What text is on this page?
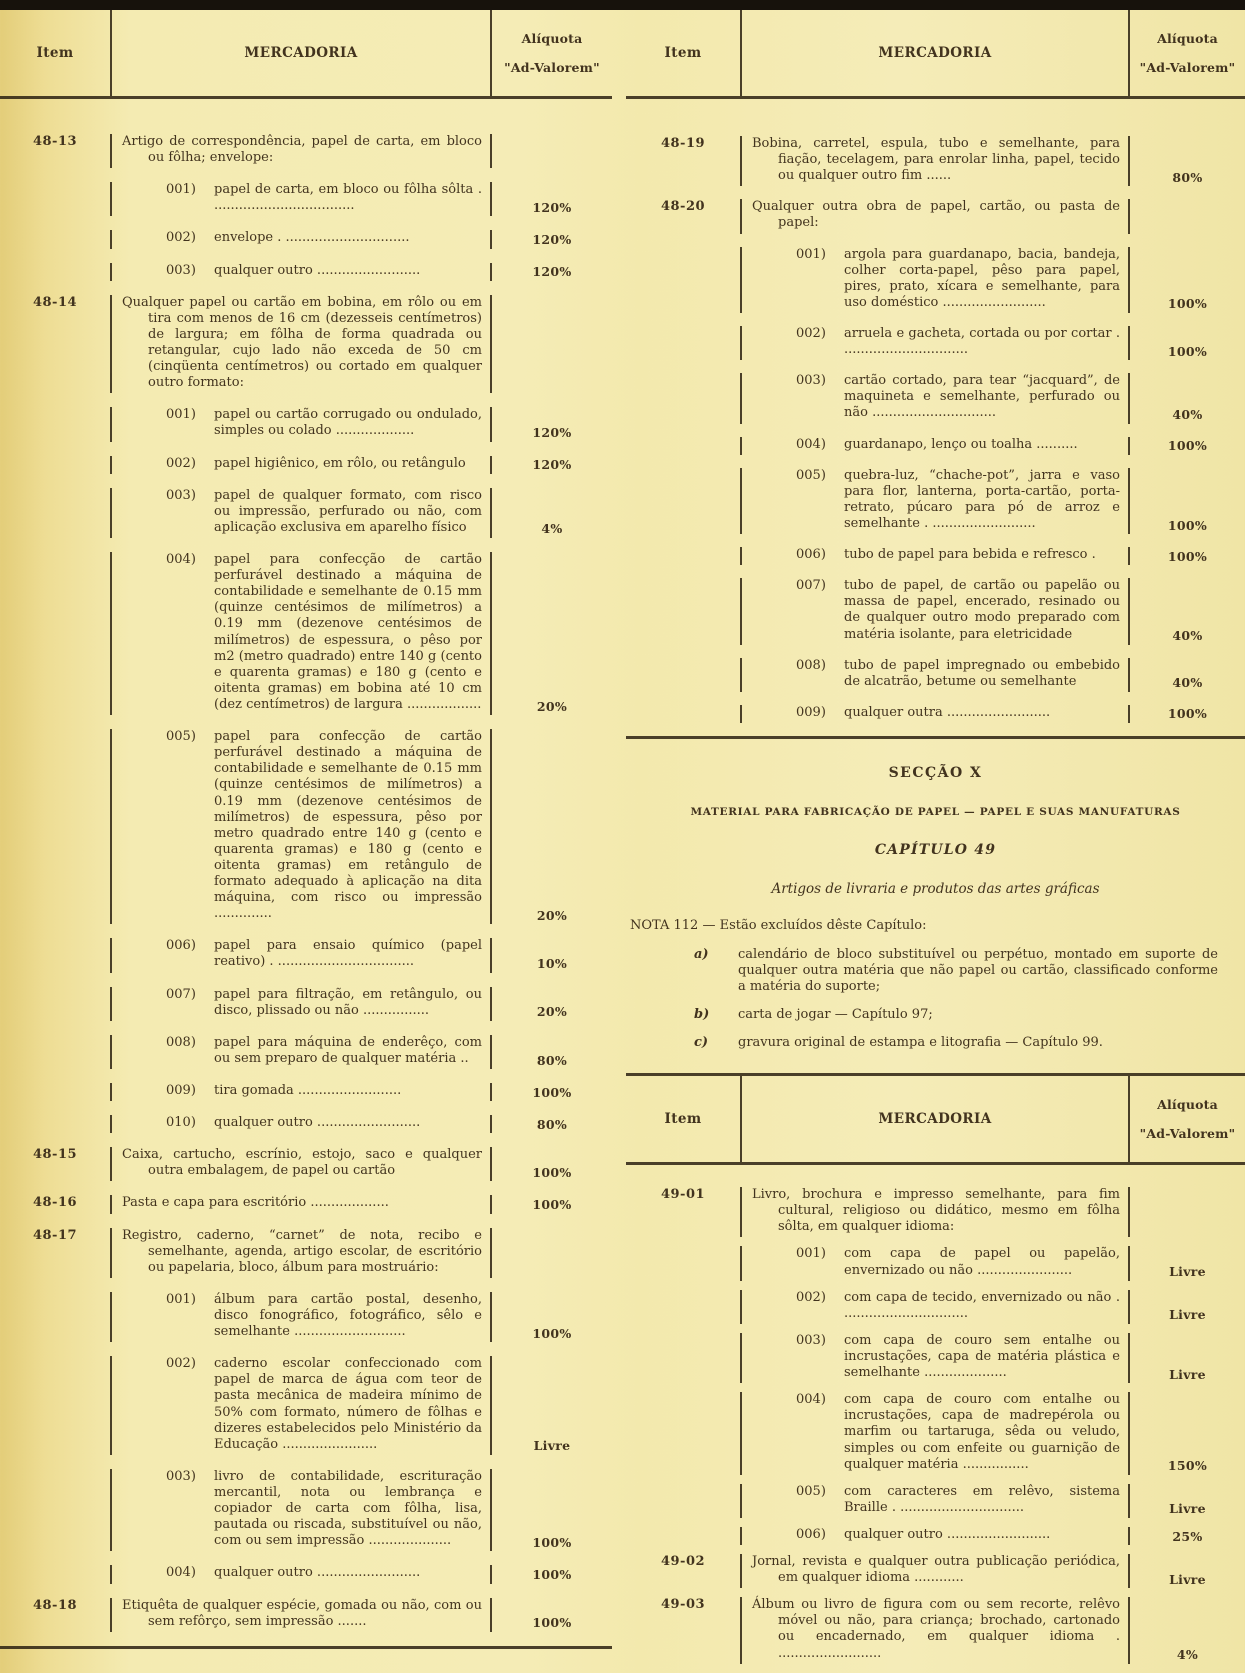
Item	MERCADORIA
Alíquota
"Ad-Valorem"
48-13	Artigo de correspondência, papel de carta, em bloco ou fôlha; envelope:
001)	papel de carta, em bloco ou fôlha sôlta . ..................................	120%
002)	envelope . ..............................	120%
003)	qualquer outro .........................	120%
48-14	Qualquer papel ou cartão em bobina, em rôlo ou em tira com menos de 16 cm (dezesseis centímetros) de largura; em fôlha de forma quadrada ou retangular, cujo lado não exceda de 50 cm (cinqüenta centímetros) ou cortado em qualquer outro formato:
001)	papel ou cartão corrugado ou ondulado, simples ou colado ...................	120%
002)	papel higiênico, em rôlo, ou retângulo	120%
003)	papel de qualquer formato, com risco ou impressão, perfurado ou não, com aplicação exclusiva em aparelho físico	4%
004)	papel para confecção de cartão perfurável destinado a máquina de contabilidade e semelhante de 0.15 mm (quinze centésimos de milímetros) a 0.19 mm (dezenove centésimos de milímetros) de espessura, o pêso por m2 (metro quadrado) entre 140 g (cento e quarenta gramas) e 180 g (cento e oitenta gramas) em bobina até 10 cm (dez centímetros) de largura ..................	20%
005)	papel para confecção de cartão perfurável destinado a máquina de contabilidade e semelhante de 0.15 mm (quinze centésimos de milímetros) a 0.19 mm (dezenove centésimos de milímetros) de espessura, pêso por metro quadrado entre 140 g (cento e quarenta gramas) e 180 g (cento e oitenta gramas) em retângulo de formato adequado à aplicação na dita máquina, com risco ou impressão ..............	20%
006)	papel para ensaio químico (papel reativo) . .................................	10%
007)	papel para filtração, em retângulo, ou disco, plissado ou não ................	20%
008)	papel para máquina de enderêço, com ou sem preparo de qualquer matéria ..	80%
009)	tira gomada .........................	100%
010)	qualquer outro .........................	80%
48-15	Caixa, cartucho, escrínio, estojo, saco e qualquer outra embalagem, de papel ou cartão	100%
48-16	Pasta e capa para escritório ...................	100%
48-17	Registro, caderno, “carnet” de nota, recibo e semelhante, agenda, artigo escolar, de escritório ou papelaria, bloco, álbum para mostruário:
001)	álbum para cartão postal, desenho, disco fonográfico, fotográfico, sêlo e semelhante ...........................	100%
002)	caderno escolar confeccionado com papel de marca de água com teor de pasta mecânica de madeira mínimo de 50% com formato, número de fôlhas e dizeres estabelecidos pelo Ministério da Educação .......................	Livre
003)	livro de contabilidade, escrituração mercantil, nota ou lembrança e copiador de carta com fôlha, lisa, pautada ou riscada, substituível ou não, com ou sem impressão ....................	100%
004)	qualquer outro .........................	100%
48-18	Etiquêta de qualquer espécie, gomada ou não, com ou sem refôrço, sem impressão .......	100%
Item	MERCADORIA
Alíquota
"Ad-Valorem"
48-19	Bobina, carretel, espula, tubo e semelhante, para fiação, tecelagem, para enrolar linha, papel, tecido ou qualquer outro fim ......	80%
48-20	Qualquer outra obra de papel, cartão, ou pasta de papel:
001)	argola para guardanapo, bacia, bandeja, colher corta-papel, pêso para papel, pires, prato, xícara e semelhante, para uso doméstico .........................	100%
002)	arruela e gacheta, cortada ou por cortar . ..............................	100%
003)	cartão cortado, para tear “jacquard”, de maquineta e semelhante, perfurado ou não ..............................	40%
004)	guardanapo, lenço ou toalha ..........	100%
005)	quebra-luz, “chache-pot”, jarra e vaso para flor, lanterna, porta-cartão, porta-retrato, púcaro para pó de arroz e semelhante . .........................	100%
006)	tubo de papel para bebida e refresco .	100%
007)	tubo de papel, de cartão ou papelão ou massa de papel, encerado, resinado ou de qualquer outro modo preparado com matéria isolante, para eletricidade	40%
008)	tubo de papel impregnado ou embebido de alcatrão, betume ou semelhante	40%
009)	qualquer outra .........................	100%
SECÇÃO X
MATERIAL PARA FABRICAÇÃO DE PAPEL — PAPEL E SUAS MANUFATURAS
CAPÍTULO 49
Artigos de livraria e produtos das artes gráficas
NOTA 112 — Estão excluídos dêste Capítulo:
a)	calendário de bloco substituível ou perpétuo, montado em suporte de qualquer outra matéria que não papel ou cartão, classificado conforme a matéria do suporte;
b)	carta de jogar — Capítulo 97;
c)	gravura original de estampa e litografia — Capítulo 99.
Item	MERCADORIA
Alíquota
"Ad-Valorem"
49-01	Livro, brochura e impresso semelhante, para fim cultural, religioso ou didático, mesmo em fôlha sôlta, em qualquer idioma:
001)	com capa de papel ou papelão, envernizado ou não .......................	Livre
002)	com capa de tecido, envernizado ou não . ..............................	Livre
003)	com capa de couro sem entalhe ou incrustações, capa de matéria plástica e semelhante ....................	Livre
004)	com capa de couro com entalhe ou incrustações, capa de madrepérola ou marfim ou tartaruga, sêda ou veludo, simples ou com enfeite ou guarnição de qualquer matéria ................	150%
005)	com caracteres em relêvo, sistema Braille . ..............................	Livre
006)	qualquer outro .........................	25%
49-02	Jornal, revista e qualquer outra publicação periódica, em qualquer idioma ............	Livre
49-03	Álbum ou livro de figura com ou sem recorte, relêvo móvel ou não, para criança; brochado, cartonado ou encadernado, em qualquer idioma . .........................	4%
